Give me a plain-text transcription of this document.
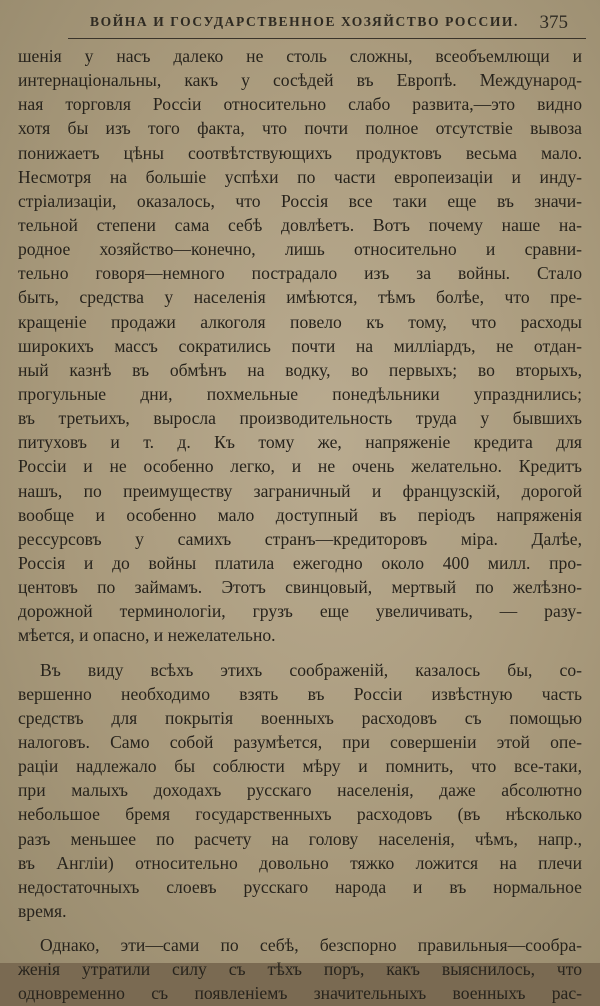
ВОЙНА И ГОСУДАРСТВЕННОЕ ХОЗЯЙСТВО РОССИИ. 375
шенія у насъ далеко не столь сложны, всеобъемлющи и
интернаціональны, какъ у сосѣдей въ Европѣ. Международ-
ная торговля Россіи относительно слабо развита,—это видно
хотя бы изъ того факта, что почти полное отсутствіе вывоза
понижаетъ цѣны соотвѣтствующихъ продуктовъ весьма мало.
Несмотря на большіе успѣхи по части европеизаціи и инду-
стріализаціи, оказалось, что Россія все таки еще въ значи-
тельной степени сама себѣ довлѣетъ. Вотъ почему наше на-
родное хозяйство—конечно, лишь относительно и сравни-
тельно говоря—немного пострадало изъ за войны. Стало
быть, средства у населенія имѣются, тѣмъ болѣе, что пре-
кращеніе продажи алкоголя повело къ тому, что расходы
широкихъ массъ сократились почти на милліардъ, не отдан-
ный казнѣ въ обмѣнъ на водку, во первыхъ; во вторыхъ,
прогульные дни, похмельные понедѣльники упразднились;
въ третьихъ, выросла производительность труда у бывшихъ
питуховъ и т. д. Къ тому же, напряженіе кредита для
Россіи и не особенно легко, и не очень желательно. Кредитъ
нашъ, по преимуществу заграничный и французскій, дорогой
вообще и особенно мало доступный въ періодъ напряженія
рессурсовъ у самихъ странъ—кредиторовъ міра. Далѣе,
Россія и до войны платила ежегодно около 400 милл. про-
центовъ по займамъ. Этотъ свинцовый, мертвый по желѣзно-
дорожной терминологіи, грузъ еще увеличивать, — разу-
мѣется, и опасно, и нежелательно.
Въ виду всѣхъ этихъ соображеній, казалось бы, со-
вершенно необходимо взять въ Россіи извѣстную часть
средствъ для покрытія военныхъ расходовъ съ помощью
налоговъ. Само собой разумѣется, при совершеніи этой опе-
раціи надлежало бы соблюсти мѣру и помнить, что все-таки,
при малыхъ доходахъ русскаго населенія, даже абсолютно
небольшое бремя государственныхъ расходовъ (въ нѣсколько
разъ меньшее по расчету на голову населенія, чѣмъ, напр.,
въ Англіи) относительно довольно тяжко ложится на плечи
недостаточныхъ слоевъ русскаго народа и въ нормальное
время.
Однако, эти—сами по себѣ, безспорно правильныя—сообра-
женія утратили силу съ тѣхъ поръ, какъ выяснилось, что
одновременно съ появленіемъ значительныхъ военныхъ рас-
